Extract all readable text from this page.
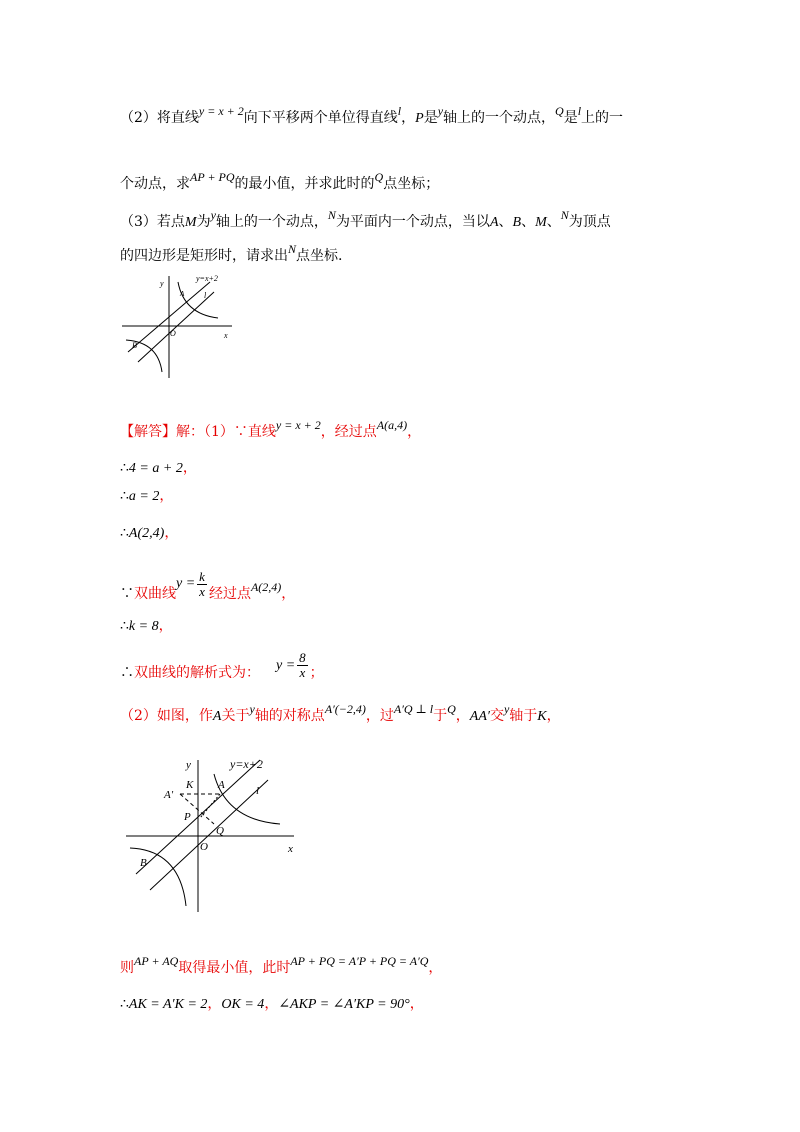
（2）将直线y = x + 2向下平移两个单位得直线l，P是y轴上的一个动点，Q是l上的一
个动点，求AP + PQ的最小值，并求此时的Q点坐标；
（3）若点M为y轴上的一个动点，N为平面内一个动点，当以A、B、M、N为顶点
的四边形是矩形时，请求出N点坐标.
y
x
O
y=x+2
l
A
B
【解答】解：（1）∵直线y = x + 2，经过点A(a,4)，
∴4 = a + 2，
∴a = 2，
∴A(2,4)，
∵双曲线$y = \frac{k}{x}$ 经过点A(2,4)，
∴k = 8，
∴双曲线的解析式为： $y = \frac{8}{x}$ ；
（2）如图，作A关于y轴的对称点A′(−2,4)，过A′Q ⊥ l于Q，AA′交y轴于K，
y
x
O
y=x+2
l
A
A′
K
P
Q
B
则AP + AQ取得最小值，此时AP + PQ = A′P + PQ = A′Q，
∴AK = A′K = 2，OK = 4，∠AKP = ∠A′KP = 90°，
